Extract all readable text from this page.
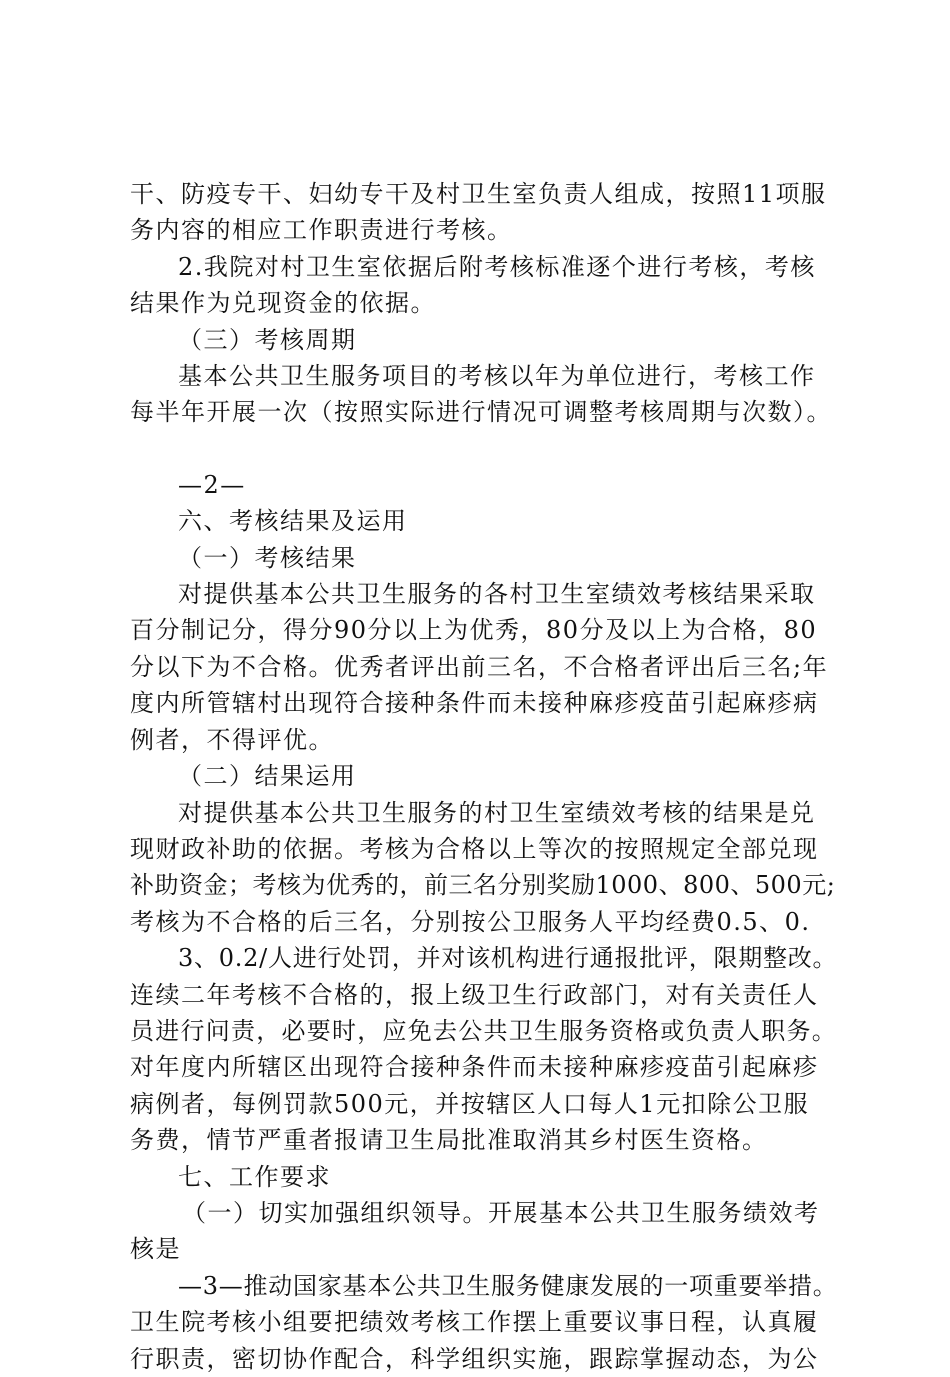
干、防疫专干、妇幼专干及村卫生室负责人组成，按照11项服

务内容的相应工作职责进行考核。

2.我院对村卫生室依据后附考核标准逐个进行考核，考核

结果作为兑现资金的依据。

（三）考核周期

基本公共卫生服务项目的考核以年为单位进行，考核工作

每半年开展一次（按照实际进行情况可调整考核周期与次数）。

—2—

六、考核结果及运用

（一）考核结果

对提供基本公共卫生服务的各村卫生室绩效考核结果采取

百分制记分，得分90分以上为优秀，80分及以上为合格，80

分以下为不合格。优秀者评出前三名，不合格者评出后三名;年

度内所管辖村出现符合接种条件而未接种麻疹疫苗引起麻疹病

例者，不得评优。

（二）结果运用

对提供基本公共卫生服务的村卫生室绩效考核的结果是兑

现财政补助的依据。考核为合格以上等次的按照规定全部兑现

补助资金；考核为优秀的，前三名分别奖励1000、800、500元;

考核为不合格的后三名，分别按公卫服务人平均经费0.5、0.

3、0.2/人进行处罚，并对该机构进行通报批评，限期整改。

连续二年考核不合格的，报上级卫生行政部门，对有关责任人

员进行问责，必要时，应免去公共卫生服务资格或负责人职务。

对年度内所辖区出现符合接种条件而未接种麻疹疫苗引起麻疹

病例者，每例罚款500元，并按辖区人口每人1元扣除公卫服

务费，情节严重者报请卫生局批准取消其乡村医生资格。

七、工作要求

（一）切实加强组织领导。开展基本公共卫生服务绩效考

核是

—3—推动国家基本公共卫生服务健康发展的一项重要举措。

卫生院考核小组要把绩效考核工作摆上重要议事日程，认真履

行职责，密切协作配合，科学组织实施，跟踪掌握动态，为公
